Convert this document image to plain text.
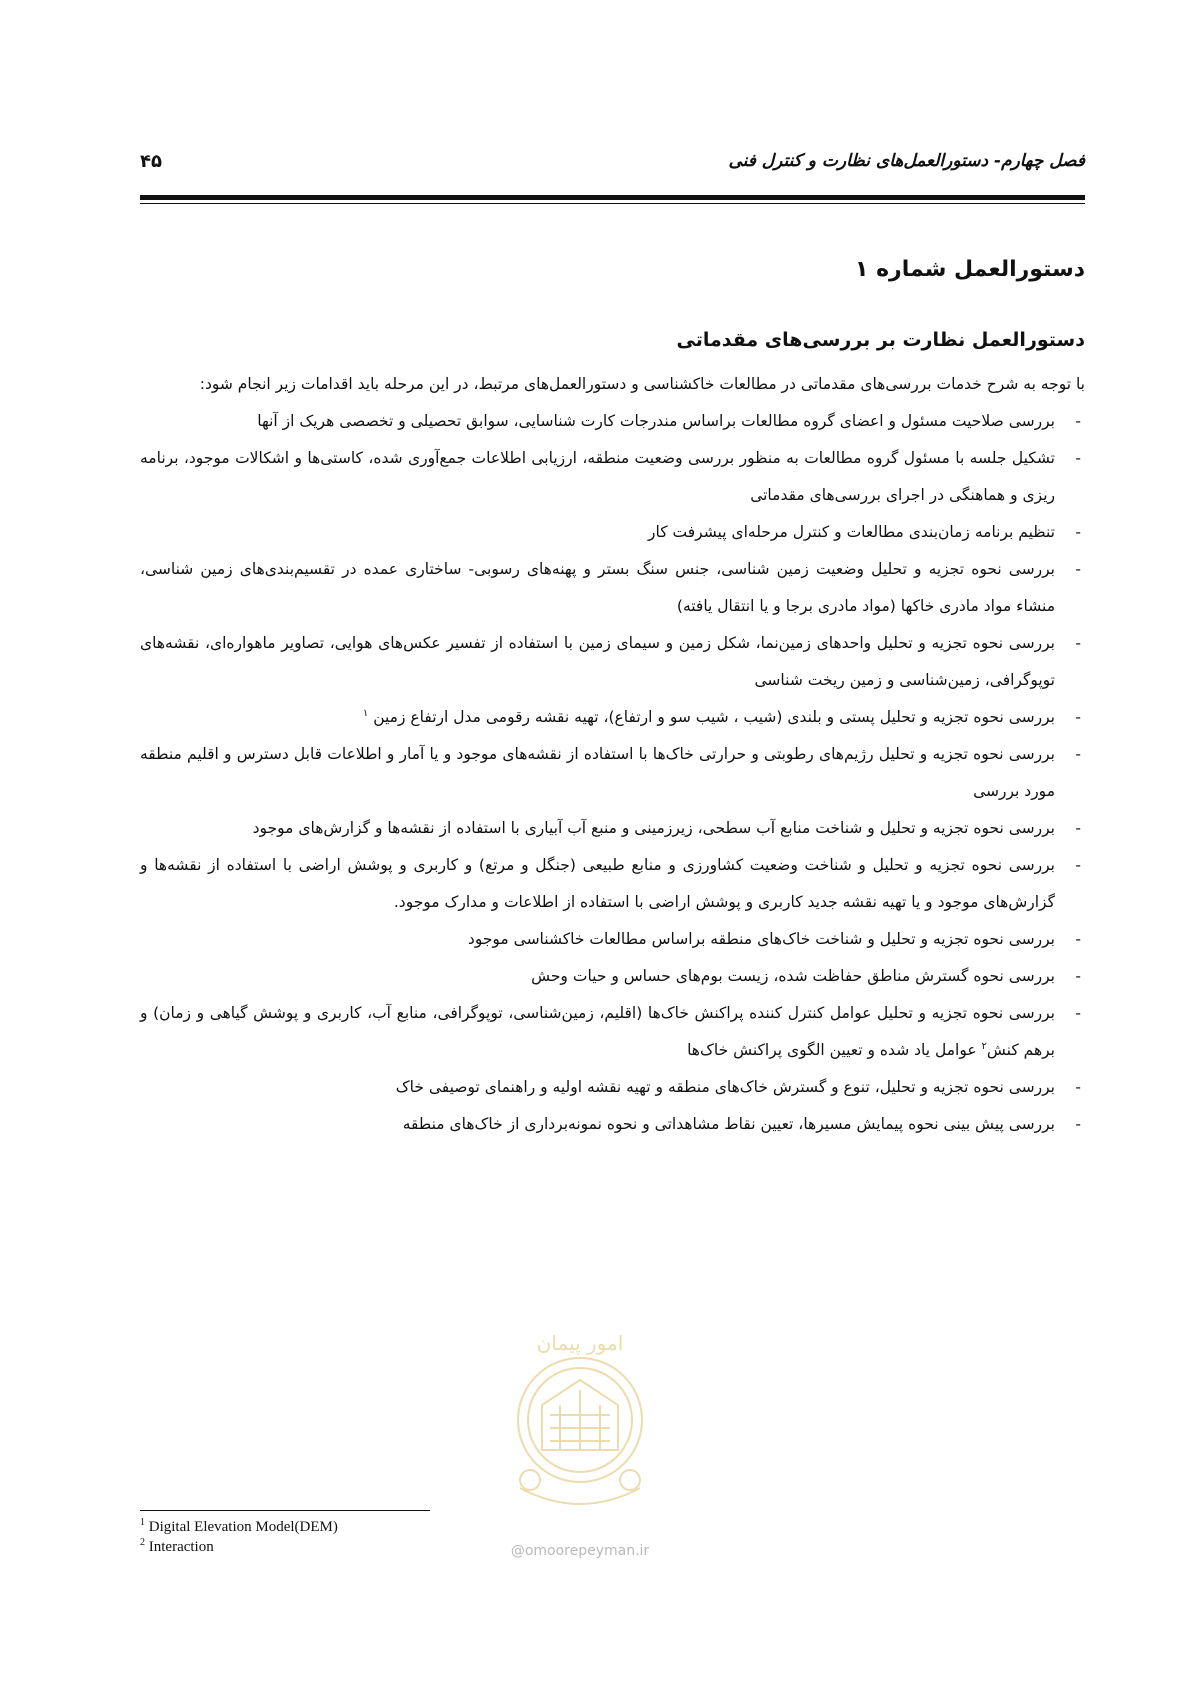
فصل چهارم- دستورالعمل‌های نظارت و کنترل فنی
۴۵
دستورالعمل شماره ۱
دستورالعمل نظارت بر بررسی‌های مقدماتی

با توجه به شرح خدمات بررسی‌های مقدماتی در مطالعات خاکشناسی و دستورالعمل‌های مرتبط، در این مرحله باید اقدامات زیر انجام شود:

-
بررسی صلاحیت مسئول و اعضای گروه مطالعات براساس مندرجات کارت شناسایی، سوابق تحصیلی و تخصصی هریک از آنها
-
تشکیل جلسه با مسئول گروه مطالعات به منظور بررسی وضعیت منطقه، ارزیابی اطلاعات جمع‌آوری شده، کاستی‌ها و اشکالات موجود، برنامه ریزی و هماهنگی در اجرای بررسی‌های مقدماتی
-
تنظیم برنامه زمان‌بندی مطالعات و کنترل مرحله‌ای پیشرفت کار
-
بررسی نحوه تجزیه و تحلیل وضعیت زمین شناسی، جنس سنگ بستر و پهنه‌های رسوبی- ساختاری عمده در تقسیم‌بندی‌های زمین شناسی، منشاء مواد مادری خاکها (مواد مادری برجا و یا انتقال یافته)
-
بررسی نحوه تجزیه و تحلیل واحدهای زمین‌نما، شکل زمین و سیمای زمین با استفاده از تفسیر عکس‌های هوایی، تصاویر ماهواره‌ای، نقشه‌های توپوگرافی، زمین‌شناسی و زمین ریخت شناسی
-
بررسی نحوه تجزیه و تحلیل پستی و بلندی (شیب ، شیب سو و ارتفاع)، تهیه نقشه رقومی مدل ارتفاع زمین $^۱$
-
بررسی نحوه تجزیه و تحلیل رژیم‌های رطوبتی و حرارتی خاک‌ها با استفاده از نقشه‌های موجود و یا آمار و اطلاعات قابل دسترس و اقلیم منطقه مورد بررسی
-
بررسی نحوه تجزیه و تحلیل و شناخت منابع آب سطحی، زیرزمینی و منبع آب آبیاری با استفاده از نقشه‌ها و گزارش‌های موجود
-
بررسی نحوه تجزیه و تحلیل و شناخت وضعیت کشاورزی و منابع طبیعی (جنگل و مرتع) و کاربری و پوشش اراضی با استفاده از نقشه‌ها و گزارش‌های موجود و یا تهیه نقشه جدید کاربری و پوشش اراضی با استفاده از اطلاعات و مدارک موجود.
-
بررسی نحوه تجزیه و تحلیل و شناخت خاک‌های منطقه براساس مطالعات خاکشناسی موجود
-
بررسی نحوه گسترش مناطق حفاظت شده، زیست بوم‌های حساس و حیات وحش
-
بررسی نحوه تجزیه و تحلیل عوامل کنترل کننده پراکنش خاک‌ها (اقلیم، زمین‌شناسی، توپوگرافی، منابع آب، کاربری و پوشش گیاهی و زمان) و برهم کنش$^۲$ عوامل یاد شده و تعیین الگوی پراکنش خاک‌ها
-
بررسی نحوه تجزیه و تحلیل، تنوع و گسترش خاک‌های منطقه و تهیه نقشه اولیه و راهنمای توصیفی خاک
-
بررسی پیش بینی نحوه پیمایش مسیرها، تعیین نقاط مشاهداتی و نحوه نمونه‌برداری از خاک‌های منطقه
امور پیمان
@omoorepeyman.ir
$^1$ Digital Elevation Model(DEM)
$^2$ Interaction
